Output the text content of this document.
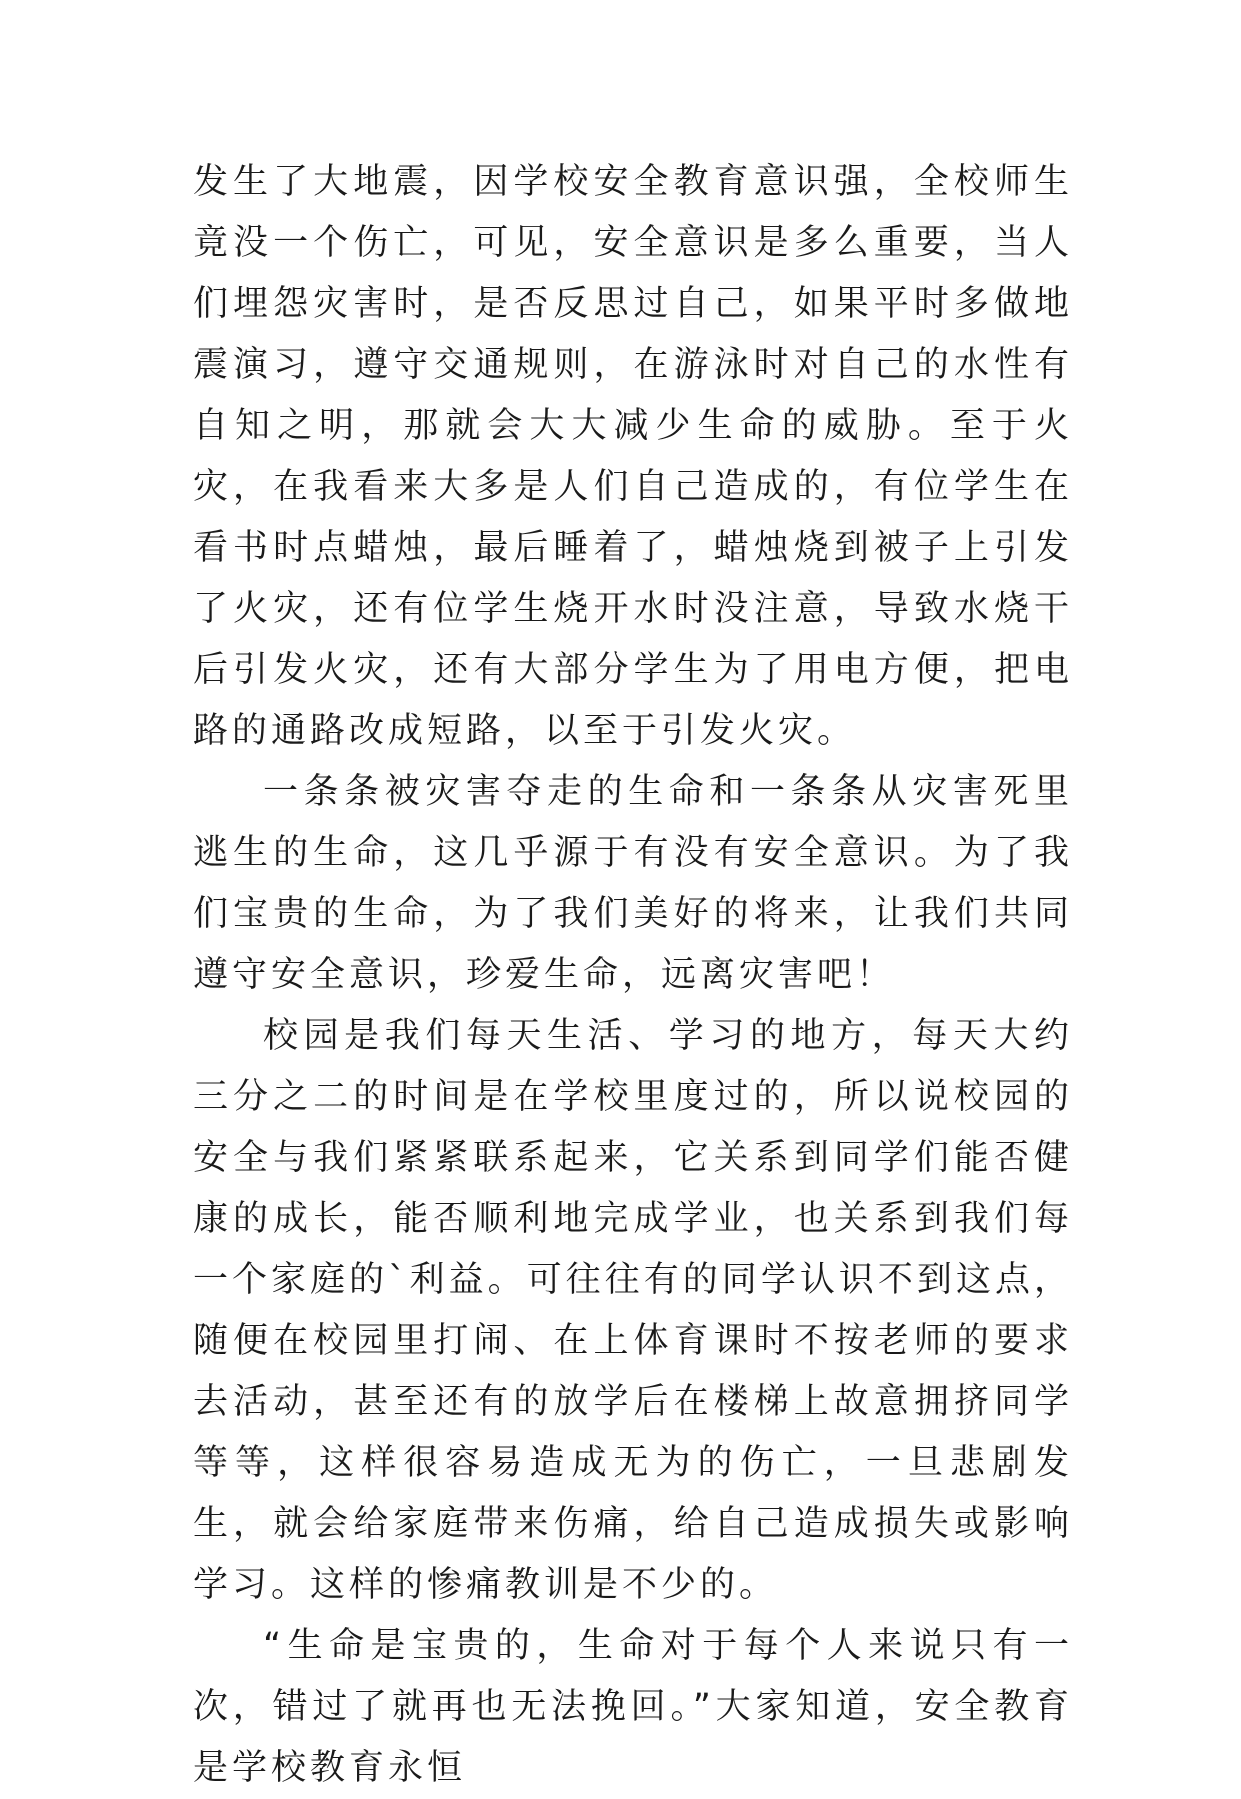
发生了大地震，因学校安全教育意识强，全校师生竟没一个伤亡，可见，安全意识是多么重要，当人们埋怨灾害时，是否反思过自己，如果平时多做地震演习，遵守交通规则，在游泳时对自己的水性有自知之明，那就会大大减少生命的威胁。至于火灾，在我看来大多是人们自己造成的，有位学生在看书时点蜡烛，最后睡着了，蜡烛烧到被子上引发了火灾，还有位学生烧开水时没注意，导致水烧干后引发火灾，还有大部分学生为了用电方便，把电路的通路改成短路，以至于引发火灾。

一条条被灾害夺走的生命和一条条从灾害死里逃生的生命，这几乎源于有没有安全意识。为了我们宝贵的生命，为了我们美好的将来，让我们共同遵守安全意识，珍爱生命，远离灾害吧！

校园是我们每天生活、学习的地方，每天大约三分之二的时间是在学校里度过的，所以说校园的安全与我们紧紧联系起来，它关系到同学们能否健康的成长，能否顺利地完成学业，也关系到我们每一个家庭的`利益。可往往有的同学认识不到这点，随便在校园里打闹、在上体育课时不按老师的要求去活动，甚至还有的放学后在楼梯上故意拥挤同学等等，这样很容易造成无为的伤亡，一旦悲剧发生，就会给家庭带来伤痛，给自己造成损失或影响学习。这样的惨痛教训是不少的。

“生命是宝贵的，生命对于每个人来说只有一次，错过了就再也无法挽回。”大家知道，安全教育是学校教育永恒
